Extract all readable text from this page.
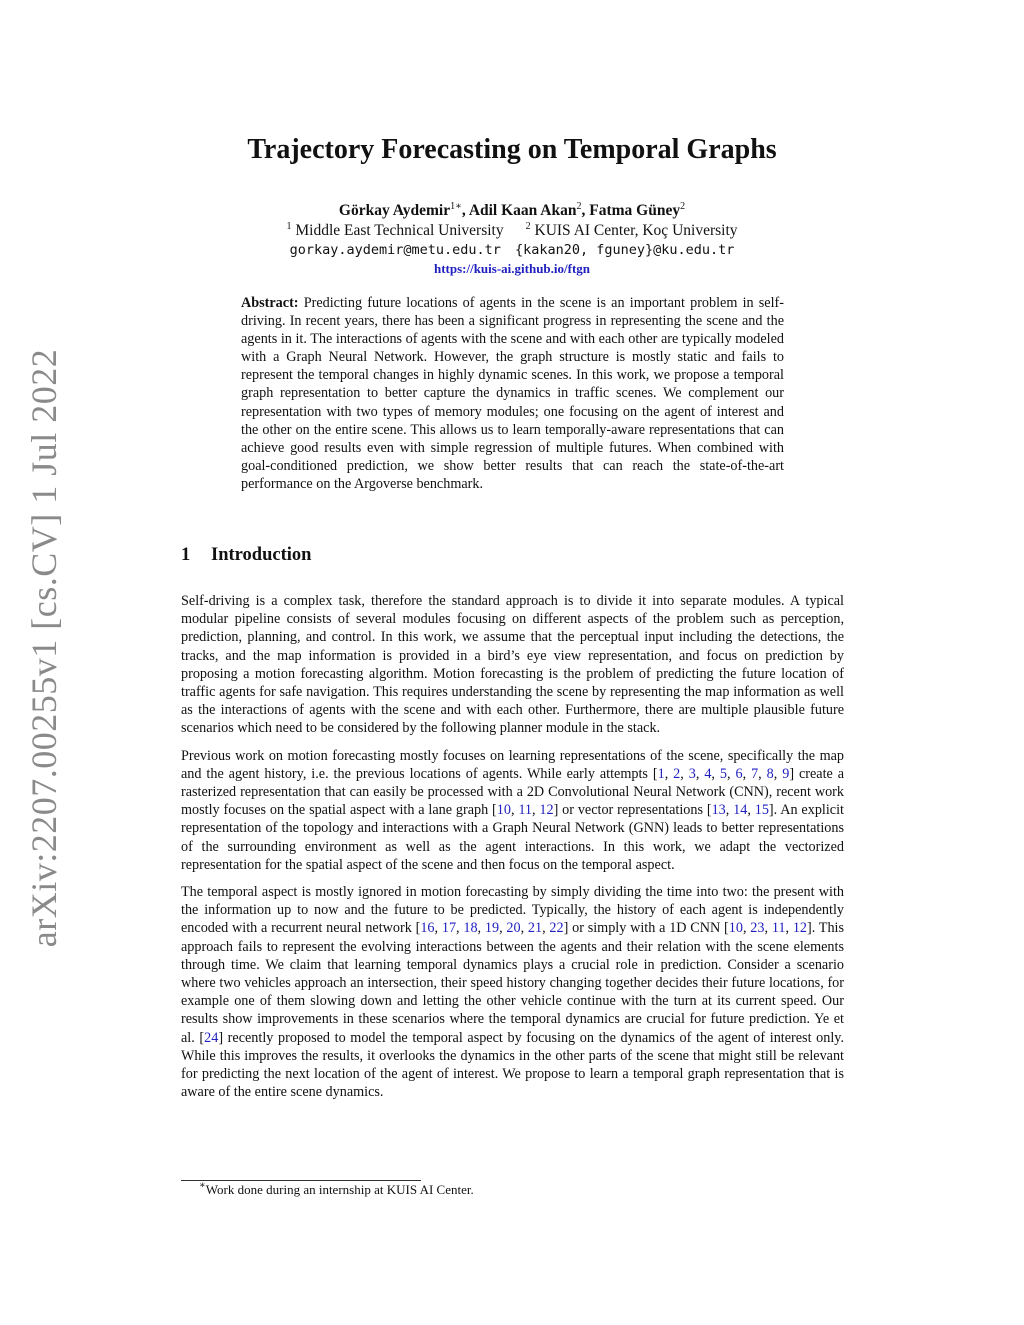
arXiv:2207.00255v1 [cs.CV] 1 Jul 2022
Trajectory Forecasting on Temporal Graphs
Görkay Aydemir$^{1∗}$, Adil Kaan Akan$^2$, Fatma Güney$^2$
$^1$ Middle East Technical University $^2$ KUIS AI Center, Koç University
gorkay.aydemir@metu.edu.tr {kakan20, fguney}@ku.edu.tr
https://kuis-ai.github.io/ftgn
Abstract: Predicting future locations of agents in the scene is an important problem in self-driving. In recent years, there has been a significant progress in representing the scene and the agents in it. The interactions of agents with the scene and with each other are typically modeled with a Graph Neural Network. However, the graph structure is mostly static and fails to represent the temporal changes in highly dynamic scenes. In this work, we propose a temporal graph representation to better capture the dynamics in traffic scenes. We complement our representation with two types of memory modules; one focusing on the agent of interest and the other on the entire scene. This allows us to learn temporally-aware representations that can achieve good results even with simple regression of multiple futures. When combined with goal-conditioned prediction, we show better results that can reach the state-of-the-art performance on the Argoverse benchmark.
1 Introduction

Self-driving is a complex task, therefore the standard approach is to divide it into separate modules. A typical modular pipeline consists of several modules focusing on different aspects of the problem such as perception, prediction, planning, and control. In this work, we assume that the perceptual input including the detections, the tracks, and the map information is provided in a bird’s eye view representation, and focus on prediction by proposing a motion forecasting algorithm. Motion forecasting is the problem of predicting the future location of traffic agents for safe navigation. This requires understanding the scene by representing the map information as well as the interactions of agents with the scene and with each other. Furthermore, there are multiple plausible future scenarios which need to be considered by the following planner module in the stack.

Previous work on motion forecasting mostly focuses on learning representations of the scene, specifically the map and the agent history, i.e. the previous locations of agents. While early attempts [1, 2, 3, 4, 5, 6, 7, 8, 9] create a rasterized representation that can easily be processed with a 2D Convolutional Neural Network (CNN), recent work mostly focuses on the spatial aspect with a lane graph [10, 11, 12] or vector representations [13, 14, 15]. An explicit representation of the topology and interactions with a Graph Neural Network (GNN) leads to better representations of the surrounding environment as well as the agent interactions. In this work, we adapt the vectorized representation for the spatial aspect of the scene and then focus on the temporal aspect.

The temporal aspect is mostly ignored in motion forecasting by simply dividing the time into two: the present with the information up to now and the future to be predicted. Typically, the history of each agent is independently encoded with a recurrent neural network [16, 17, 18, 19, 20, 21, 22] or simply with a 1D CNN [10, 23, 11, 12]. This approach fails to represent the evolving interactions between the agents and their relation with the scene elements through time. We claim that learning temporal dynamics plays a crucial role in prediction. Consider a scenario where two vehicles approach an intersection, their speed history changing together decides their future locations, for example one of them slowing down and letting the other vehicle continue with the turn at its current speed. Our results show improvements in these scenarios where the temporal dynamics are crucial for future prediction. Ye et al. [24] recently proposed to model the temporal aspect by focusing on the dynamics of the agent of interest only. While this improves the results, it overlooks the dynamics in the other parts of the scene that might still be relevant for predicting the next location of the agent of interest. We propose to learn a temporal graph representation that is aware of the entire scene dynamics.

∗Work done during an internship at KUIS AI Center.
